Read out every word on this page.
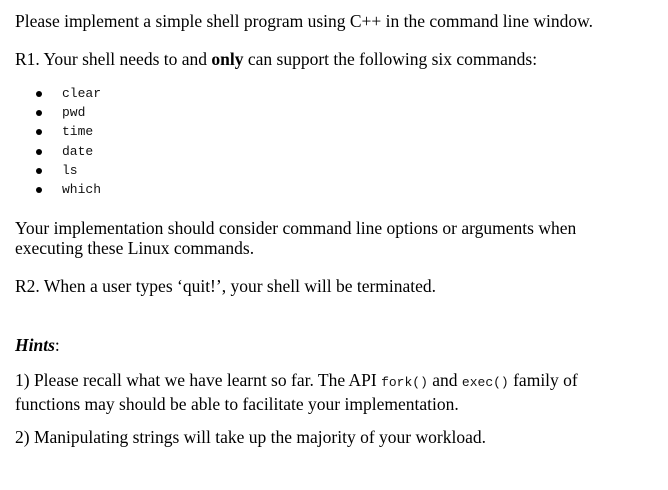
Please implement a simple shell program using C++ in the command line window.
R1. Your shell needs to and only can support the following six commands:
clear
pwd
time
date
ls
which
Your implementation should consider command line options or arguments when
executing these Linux commands.
R2. When a user types ‘quit!’, your shell will be terminated.
Hints:
1) Please recall what we have learnt so far. The API fork() and exec() family of
functions may should be able to facilitate your implementation.
2) Manipulating strings will take up the majority of your workload.
